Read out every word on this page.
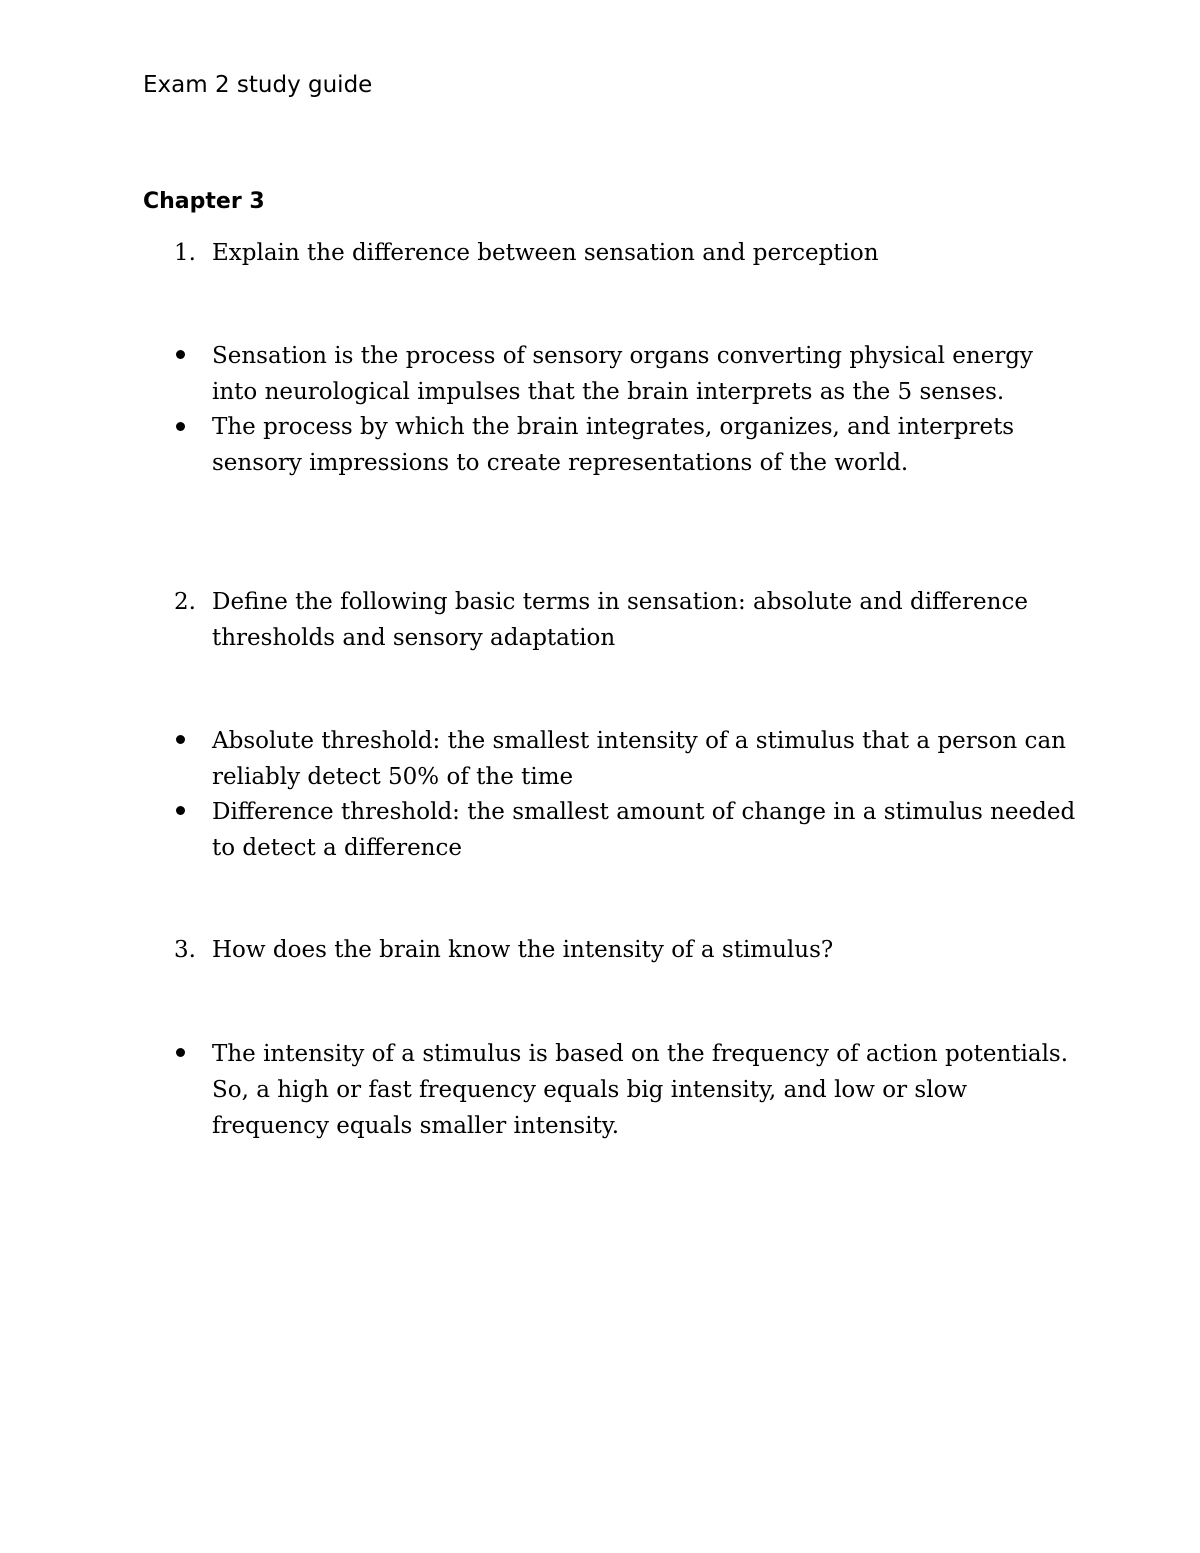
Exam 2 study guide
Chapter 3
1. Explain the difference between sensation and perception
Sensation is the process of sensory organs converting physical energy into neurological impulses that the brain interprets as the 5 senses.
The process by which the brain integrates, organizes, and interprets sensory impressions to create representations of the world.
2. Define the following basic terms in sensation: absolute and difference thresholds and sensory adaptation
Absolute threshold: the smallest intensity of a stimulus that a person can reliably detect 50% of the time
Difference threshold: the smallest amount of change in a stimulus needed to detect a difference
3. How does the brain know the intensity of a stimulus?
The intensity of a stimulus is based on the frequency of action potentials. So, a high or fast frequency equals big intensity, and low or slow frequency equals smaller intensity.
